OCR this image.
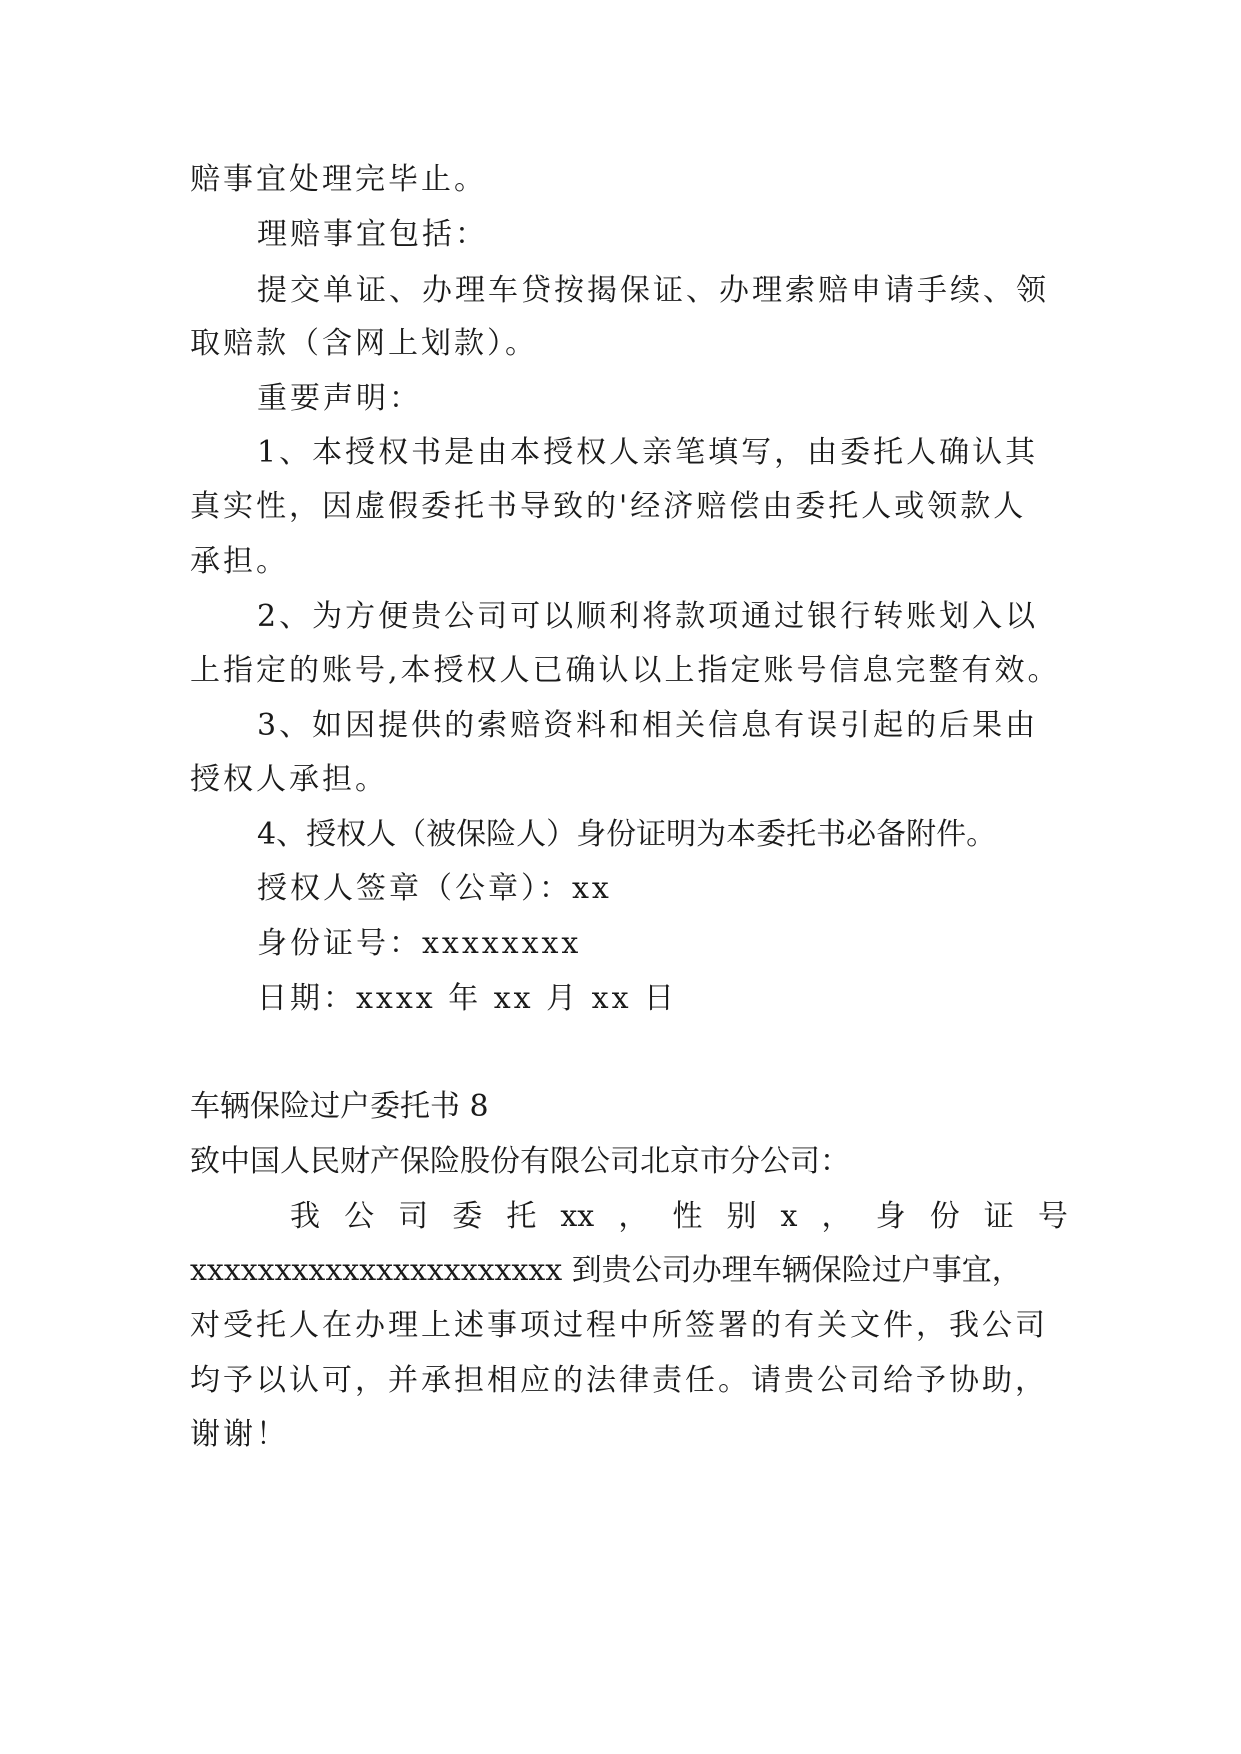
赔事宜处理完毕止。
理赔事宜包括：
提交单证、办理车贷按揭保证、办理索赔申请手续、领
取赔款（含网上划款）。
重要声明：
1、本授权书是由本授权人亲笔填写，由委托人确认其
真实性，因虚假委托书导致的'经济赔偿由委托人或领款人
承担。
2、为方便贵公司可以顺利将款项通过银行转账划入以
上指定的账号,本授权人已确认以上指定账号信息完整有效。
3、如因提供的索赔资料和相关信息有误引起的后果由
授权人承担。
4、授权人（被保险人）身份证明为本委托书必备附件。
授权人签章（公章）：xx
身份证号：xxxxxxxx
日期：xxxx 年 xx 月 xx 日
车辆保险过户委托书 8
致中国人民财产保险股份有限公司北京市分公司：
我 公 司 委 托 xx ， 性 别 x ， 身 份 证 号
xxxxxxxxxxxxxxxxxxxxxx 到贵公司办理车辆保险过户事宜，
对受托人在办理上述事项过程中所签署的有关文件，我公司
均予以认可，并承担相应的法律责任。请贵公司给予协助，
谢谢！
